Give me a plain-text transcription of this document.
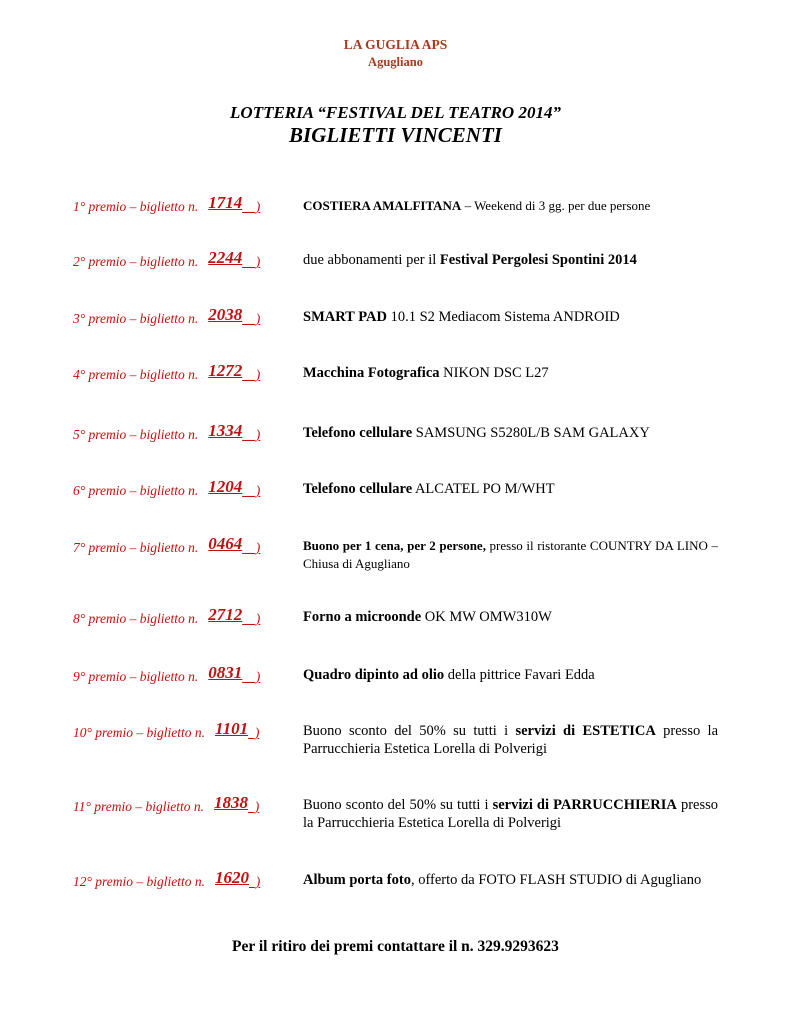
LA GUGLIA APS
Agugliano
LOTTERIA “FESTIVAL DEL TEATRO 2014”
BIGLIETTI VINCENTI
1° premio – biglietto n. 1714__)	COSTIERA AMALFITANA – Weekend di 3 gg. per due persone
2° premio – biglietto n. 2244__)	due abbonamenti per il Festival Pergolesi Spontini 2014
3° premio – biglietto n. 2038__)	SMART PAD 10.1 S2 Mediacom Sistema ANDROID
4° premio – biglietto n. 1272__)	Macchina Fotografica NIKON DSC L27
5° premio – biglietto n. 1334__)	Telefono cellulare SAMSUNG S5280L/B SAM GALAXY
6° premio – biglietto n. 1204__)	Telefono cellulare ALCATEL PO M/WHT
7° premio – biglietto n. 0464__)	Buono per 1 cena, per 2 persone, presso il ristorante COUNTRY DA LINO – Chiusa di Agugliano
8° premio – biglietto n. 2712__)	Forno a microonde OK MW OMW310W
9° premio – biglietto n. 0831__)	Quadro dipinto ad olio della pittrice Favari Edda
10° premio – biglietto n. 1101_)	Buono sconto del 50% su tutti i servizi di ESTETICA presso la Parrucchieria Estetica Lorella di Polverigi
11° premio – biglietto n. 1838_)	Buono sconto del 50% su tutti i servizi di PARRUCCHIERIA presso la Parrucchieria Estetica Lorella di Polverigi
12° premio – biglietto n. 1620_)	Album porta foto, offerto da FOTO FLASH STUDIO di Agugliano
Per il ritiro dei premi contattare il n. 329.9293623
